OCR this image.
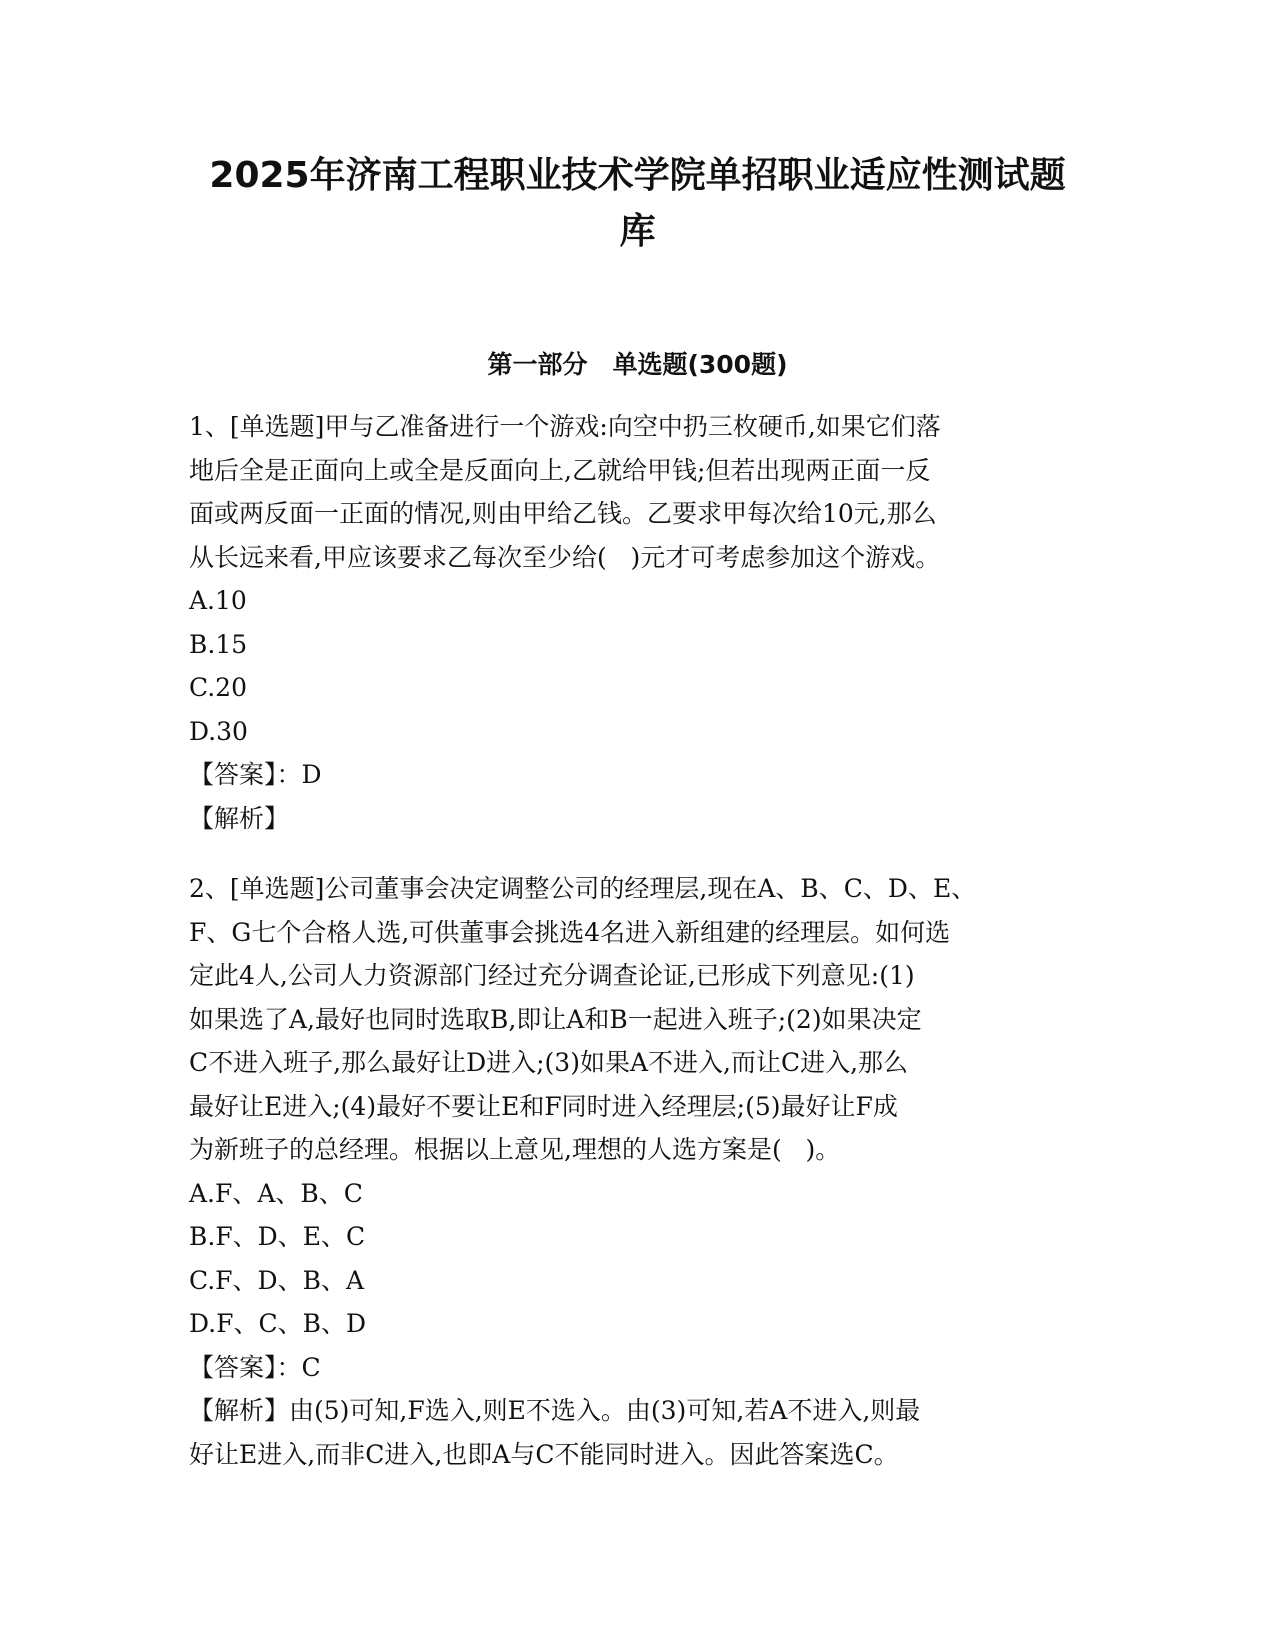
2025年济南工程职业技术学院单招职业适应性测试题
库
第一部分　单选题(300题)
1、[单选题]甲与乙准备进行一个游戏:向空中扔三枚硬币,如果它们落
地后全是正面向上或全是反面向上,乙就给甲钱;但若出现两正面一反
面或两反面一正面的情况,则由甲给乙钱。乙要求甲每次给10元,那么
从长远来看,甲应该要求乙每次至少给(   )元才可考虑参加这个游戏。
A.10
B.15
C.20
D.30
【答案】：D
【解析】
2、[单选题]公司董事会决定调整公司的经理层,现在A、B、C、D、E、
F、G七个合格人选,可供董事会挑选4名进入新组建的经理层。如何选
定此4人,公司人力资源部门经过充分调查论证,已形成下列意见:(1)
如果选了A,最好也同时选取B,即让A和B一起进入班子;(2)如果决定
C不进入班子,那么最好让D进入;(3)如果A不进入,而让C进入,那么
最好让E进入;(4)最好不要让E和F同时进入经理层;(5)最好让F成
为新班子的总经理。根据以上意见,理想的人选方案是(   )。
A.F、A、B、C
B.F、D、E、C
C.F、D、B、A
D.F、C、B、D
【答案】：C
【解析】由(5)可知,F选入,则E不选入。由(3)可知,若A不进入,则最
好让E进入,而非C进入,也即A与C不能同时进入。因此答案选C。
